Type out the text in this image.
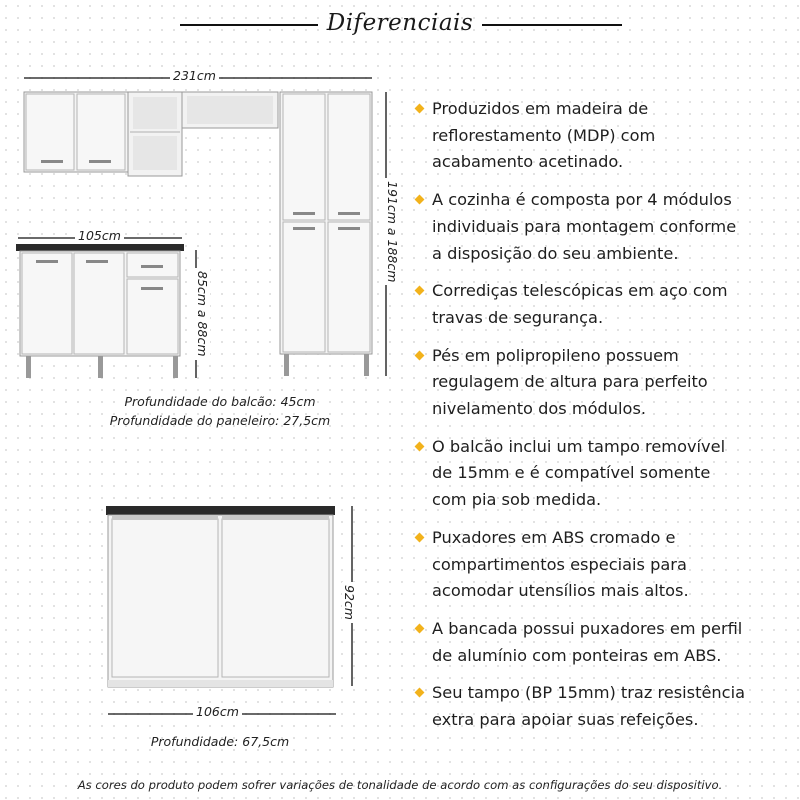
Diferenciais
231cm
105cm
85cm a 88cm
191cm a 188cm
92cm
106cm
Profundidade do balcão: 45cm
Profundidade do paneleiro: 27,5cm
Profundidade: 67,5cm
Produzidos em madeira de
reflorestamento (MDP) com
acabamento acetinado.
A cozinha é composta por 4 módulos
individuais para montagem conforme
a disposição do seu ambiente.
Corrediças telescópicas em aço com
travas de segurança.
Pés em polipropileno possuem
regulagem de altura para perfeito
nivelamento dos módulos.
O balcão inclui um tampo removível
de 15mm e é compatível somente
com pia sob medida.
Puxadores em ABS cromado e
compartimentos especiais para
acomodar utensílios mais altos.
A bancada possui puxadores em perfil
de alumínio com ponteiras em ABS.
Seu tampo (BP 15mm) traz resistência
extra para apoiar suas refeições.
As cores do produto podem sofrer variações de tonalidade de acordo com as configurações do seu dispositivo.
